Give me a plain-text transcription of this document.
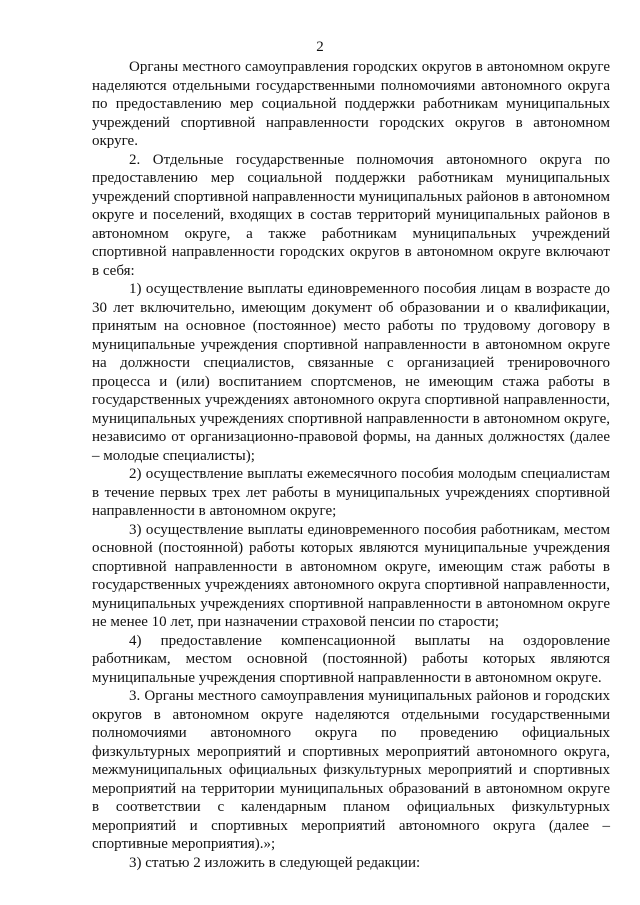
2

Органы местного самоуправления городских округов в автономном округе наделяются отдельными государственными полномочиями автономного округа по предоставлению мер социальной поддержки работникам муниципальных учреждений спортивной направленности городских округов в автономном округе.

2. Отдельные государственные полномочия автономного округа по предоставлению мер социальной поддержки работникам муниципальных учреждений спортивной направленности муниципальных районов в автономном округе и поселений, входящих в состав территорий муниципальных районов в автономном округе, а также работникам муниципальных учреждений спортивной направленности городских округов в автономном округе включают в себя:

1) осуществление выплаты единовременного пособия лицам в возрасте до 30 лет включительно, имеющим документ об образовании и о квалификации, принятым на основное (постоянное) место работы по трудовому договору в муниципальные учреждения спортивной направленности в автономном округе на должности специалистов, связанные с организацией тренировочного процесса и (или) воспитанием спортсменов, не имеющим стажа работы в государственных учреждениях автономного округа спортивной направленности, муниципальных учреждениях спортивной направленности в автономном округе, независимо от организационно-правовой формы, на данных должностях (далее – молодые специалисты);

2) осуществление выплаты ежемесячного пособия молодым специалистам в течение первых трех лет работы в муниципальных учреждениях спортивной направленности в автономном округе;

3) осуществление выплаты единовременного пособия работникам, местом основной (постоянной) работы которых являются муниципальные учреждения спортивной направленности в автономном округе, имеющим стаж работы в государственных учреждениях автономного округа спортивной направленности, муниципальных учреждениях спортивной направленности в автономном округе не менее 10 лет, при назначении страховой пенсии по старости;

4) предоставление компенсационной выплаты на оздоровление работникам, местом основной (постоянной) работы которых являются муниципальные учреждения спортивной направленности в автономном округе.

3. Органы местного самоуправления муниципальных районов и городских округов в автономном округе наделяются отдельными государственными полномочиями автономного округа по проведению официальных физкультурных мероприятий и спортивных мероприятий автономного округа, межмуниципальных официальных физкультурных мероприятий и спортивных мероприятий на территории муниципальных образований в автономном округе в соответствии с календарным планом официальных физкультурных мероприятий и спортивных мероприятий автономного округа (далее – спортивные мероприятия).»;

3) статью 2 изложить в следующей редакции:
